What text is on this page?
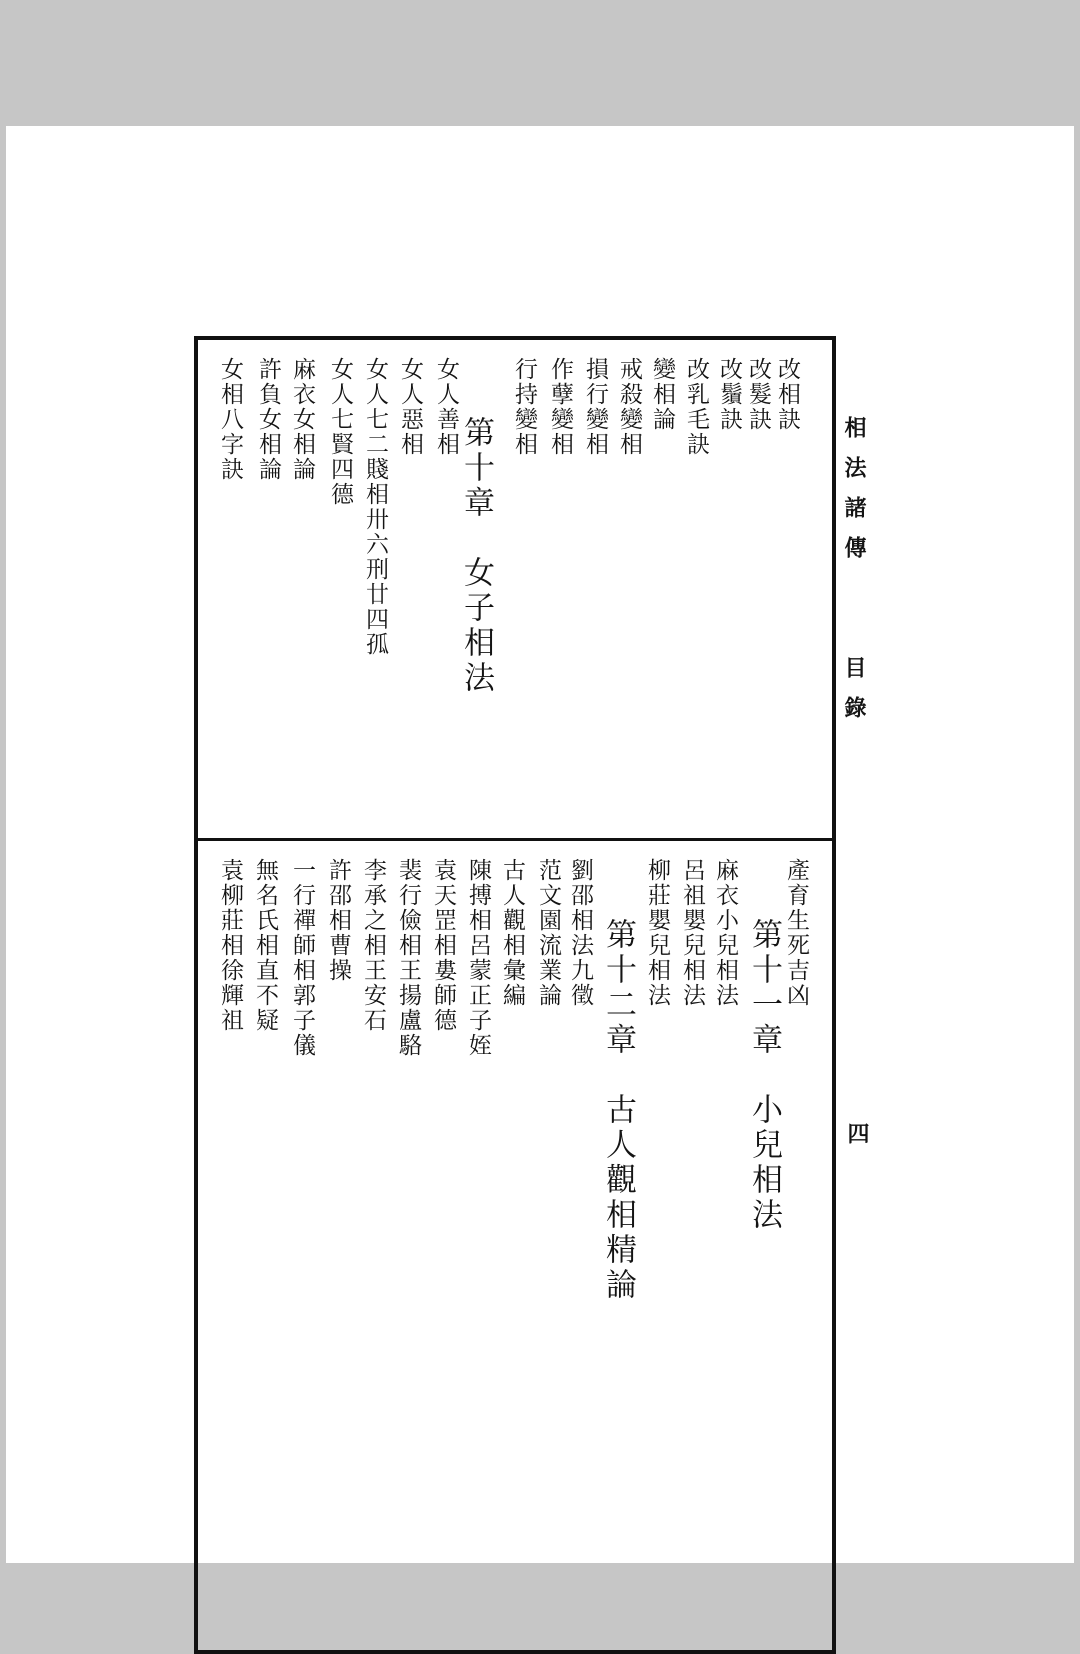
相法諸傳
目錄
四
改相訣
改髮訣
改鬚訣
改乳毛訣
變相論
戒殺變相
損行變相
作孽變相
行持變相
第十章　女子相法
女人善相
女人惡相
女人七二賤相卅六刑廿四孤
女人七賢四德
麻衣女相論
許負女相論
女相八字訣
產育生死吉凶
第十一章　小兒相法
麻衣小兒相法
呂祖嬰兒相法
柳莊嬰兒相法
第十二章　古人觀相精論
劉邵相法九徵
范文園流業論
古人觀相彙編
陳搏相呂蒙正子姪
袁天罡相婁師德
裴行儉相王揚盧駱
李承之相王安石
許邵相曹操
一行禪師相郭子儀
無名氏相直不疑
袁柳莊相徐輝祖
